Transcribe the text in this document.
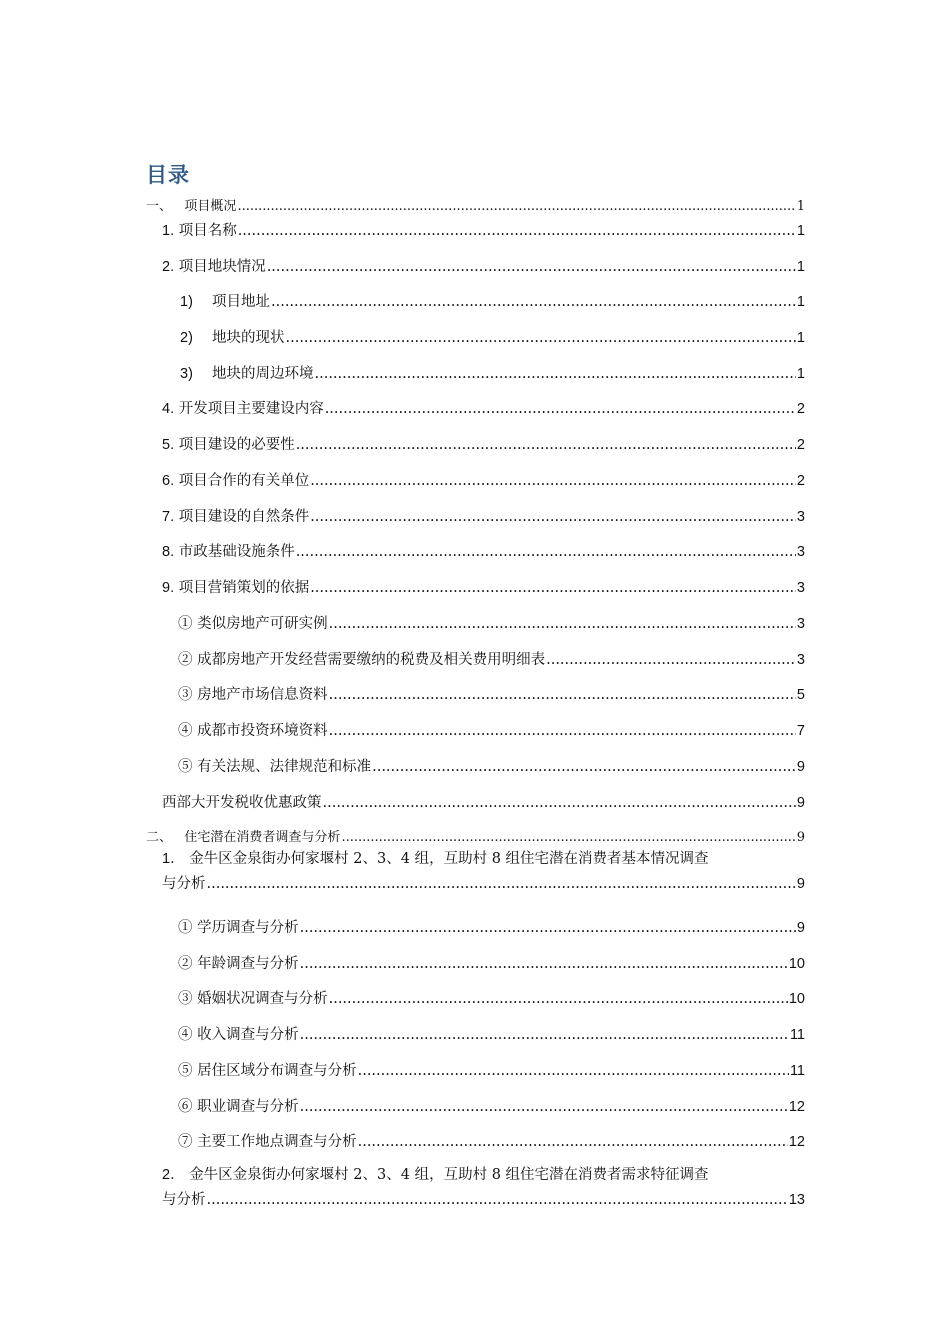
目录
一、 项目概况 .....	1
1. 项目名称 .....	1
2. 项目地块情况 .....	1
1) 项目地址 .....	1
2) 地块的现状 .....	1
3) 地块的周边环境 .....	1
4. 开发项目主要建设内容 .....	2
5. 项目建设的必要性 .....	2
6. 项目合作的有关单位 .....	2
7. 项目建设的自然条件 .....	3
8. 市政基础设施条件 .....	3
9. 项目营销策划的依据 .....	3
① 类似房地产可研实例 .....	3
② 成都房地产开发经营需要缴纳的税费及相关费用明细表 .....	3
③ 房地产市场信息资料 .....	5
④ 成都市投资环境资料 .....	7
⑤ 有关法规、法律规范和标准 .....	9
西部大开发税收优惠政策 .....	9
二、 住宅潜在消费者调查与分析 .....	9
1． 金牛区金泉街办何家堰村 2、3、4 组，互助村 8 组住宅潜在消费者基本情况调查
与分析 .....	9
① 学历调查与分析 .....	9
② 年龄调查与分析 .....	10
③ 婚姻状况调查与分析 .....	10
④ 收入调查与分析 .....	11
⑤ 居住区域分布调查与分析 .....	11
⑥ 职业调查与分析 .....	12
⑦ 主要工作地点调查与分析 .....	12
2． 金牛区金泉街办何家堰村 2、3、4 组，互助村 8 组住宅潜在消费者需求特征调查
与分析 .....	13
